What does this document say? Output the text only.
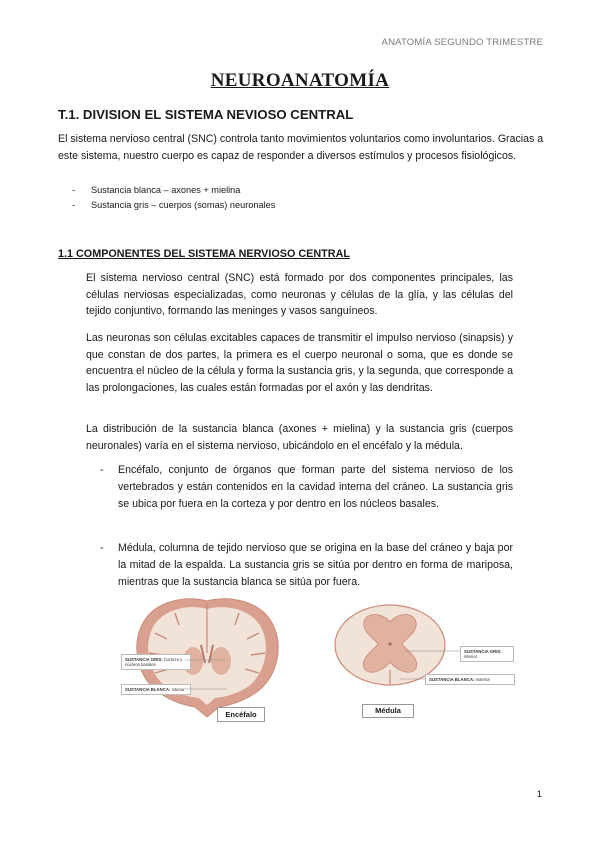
ANATOMÍA SEGUNDO TRIMESTRE
NEUROANATOMÍA
T.1. DIVISION EL SISTEMA NEVIOSO CENTRAL

El sistema nervioso central (SNC) controla tanto movimientos voluntarios como involuntarios. Gracias a este sistema, nuestro cuerpo es capaz de responder a diversos estímulos y procesos fisiológicos.

- Sustancia blanca – axones + mielina
- Sustancia gris – cuerpos (somas) neuronales
1.1 COMPONENTES DEL SISTEMA NERVIOSO CENTRAL

El sistema nervioso central (SNC) está formado por dos componentes principales, las células nerviosas especializadas, como neuronas y células de la glía, y las células del tejido conjuntivo, formando las meninges y vasos sanguíneos.

Las neuronas son células excitables capaces de transmitir el impulso nervioso (sinapsis) y que constan de dos partes, la primera es el cuerpo neuronal o soma, que es donde se encuentra el núcleo de la célula y forma la sustancia gris, y la segunda, que corresponde a las prolongaciones, las cuales están formadas por el axón y las dendritas.

La distribución de la sustancia blanca (axones + mielina) y la sustancia gris (cuerpos neuronales) varía en el sistema nervioso, ubicándolo en el encéfalo y la médula.

- Encéfalo, conjunto de órganos que forman parte del sistema nervioso de los vertebrados y están contenidos en la cavidad interna del cráneo. La sustancia gris se ubica por fuera en la corteza y por dentro en los núcleos basales.
- Médula, columna de tejido nervioso que se origina en la base del cráneo y baja por la mitad de la espalda. La sustancia gris se sitúa por dentro en forma de mariposa, mientras que la sustancia blanca se sitúa por fuera.
SUSTANCIA GRIS: Corteza y núcleos basales
SUSTANCIA BLANCA: interior
Encéfalo
SUSTANCIA GRIS: interior
SUSTANCIA BLANCA: exterior
Médula
1
